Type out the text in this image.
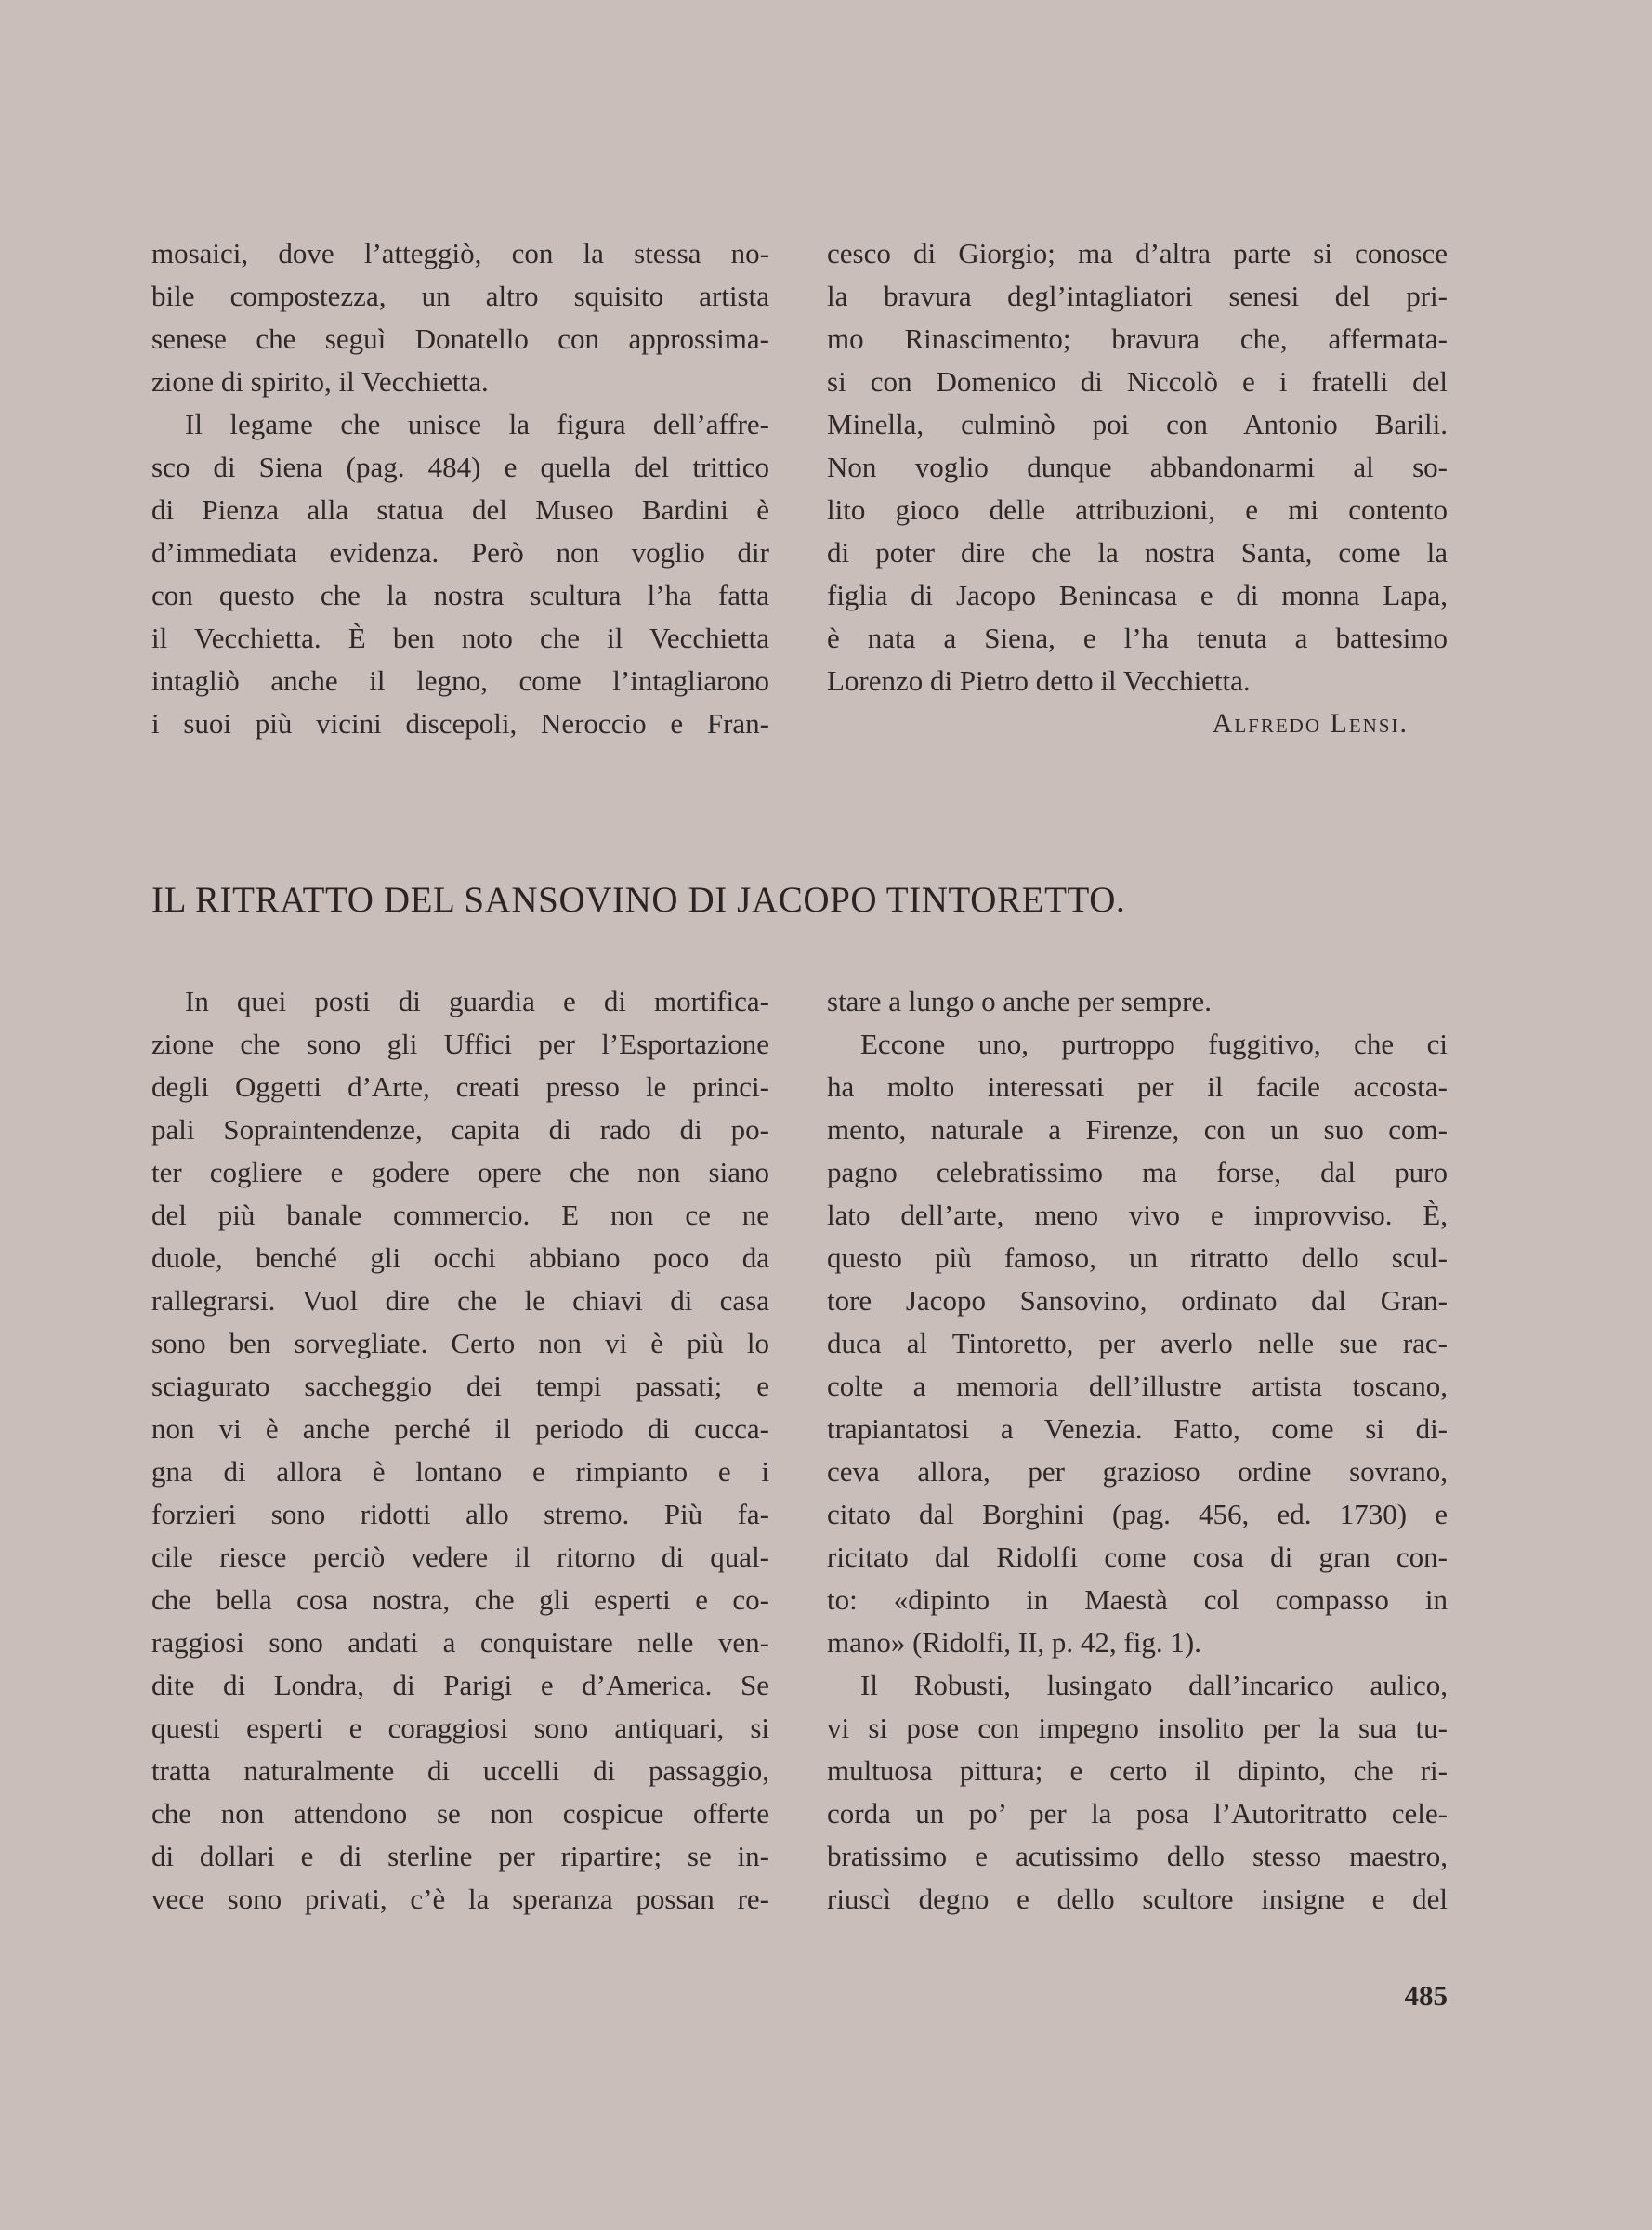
mosaici, dove l’atteggiò, con la stessa no-
bile compostezza, un altro squisito artista
senese che seguì Donatello con approssima-
zione di spirito, il Vecchietta.

Il legame che unisce la figura dell’affre-
sco di Siena (pag. 484) e quella del trittico
di Pienza alla statua del Museo Bardini è
d’immediata evidenza. Però non voglio dir
con questo che la nostra scultura l’ha fatta
il Vecchietta. È ben noto che il Vecchietta
intagliò anche il legno, come l’intagliarono
i suoi più vicini discepoli, Neroccio e Fran-

cesco di Giorgio; ma d’altra parte si conosce
la bravura degl’intagliatori senesi del pri-
mo Rinascimento; bravura che, affermata-
si con Domenico di Niccolò e i fratelli del
Minella, culminò poi con Antonio Barili.
Non voglio dunque abbandonarmi al so-
lito gioco delle attribuzioni, e mi contento
di poter dire che la nostra Santa, come la
figlia di Jacopo Benincasa e di monna Lapa,
è nata a Siena, e l’ha tenuta a battesimo
Lorenzo di Pietro detto il Vecchietta.

Alfredo Lensi.

IL RITRATTO DEL SANSOVINO DI JACOPO TINTORETTO.

In quei posti di guardia e di mortifica-
zione che sono gli Uffici per l’Esportazione
degli Oggetti d’Arte, creati presso le princi-
pali Sopraintendenze, capita di rado di po-
ter cogliere e godere opere che non siano
del più banale commercio. E non ce ne
duole, benché gli occhi abbiano poco da
rallegrarsi. Vuol dire che le chiavi di casa
sono ben sorvegliate. Certo non vi è più lo
sciagurato saccheggio dei tempi passati; e
non vi è anche perché il periodo di cucca-
gna di allora è lontano e rimpianto e i
forzieri sono ridotti allo stremo. Più fa-
cile riesce perciò vedere il ritorno di qual-
che bella cosa nostra, che gli esperti e co-
raggiosi sono andati a conquistare nelle ven-
dite di Londra, di Parigi e d’America. Se
questi esperti e coraggiosi sono antiquari, si
tratta naturalmente di uccelli di passaggio,
che non attendono se non cospicue offerte
di dollari e di sterline per ripartire; se in-
vece sono privati, c’è la speranza possan re-

stare a lungo o anche per sempre.

Eccone uno, purtroppo fuggitivo, che ci
ha molto interessati per il facile accosta-
mento, naturale a Firenze, con un suo com-
pagno celebratissimo ma forse, dal puro
lato dell’arte, meno vivo e improvviso. È,
questo più famoso, un ritratto dello scul-
tore Jacopo Sansovino, ordinato dal Gran-
duca al Tintoretto, per averlo nelle sue rac-
colte a memoria dell’illustre artista toscano,
trapiantatosi a Venezia. Fatto, come si di-
ceva allora, per grazioso ordine sovrano,
citato dal Borghini (pag. 456, ed. 1730) e
ricitato dal Ridolfi come cosa di gran con-
to: «dipinto in Maestà col compasso in
mano» (Ridolfi, II, p. 42, fig. 1).

Il Robusti, lusingato dall’incarico aulico,
vi si pose con impegno insolito per la sua tu-
multuosa pittura; e certo il dipinto, che ri-
corda un po’ per la posa l’Autoritratto cele-
bratissimo e acutissimo dello stesso maestro,
riuscì degno e dello scultore insigne e del

485
